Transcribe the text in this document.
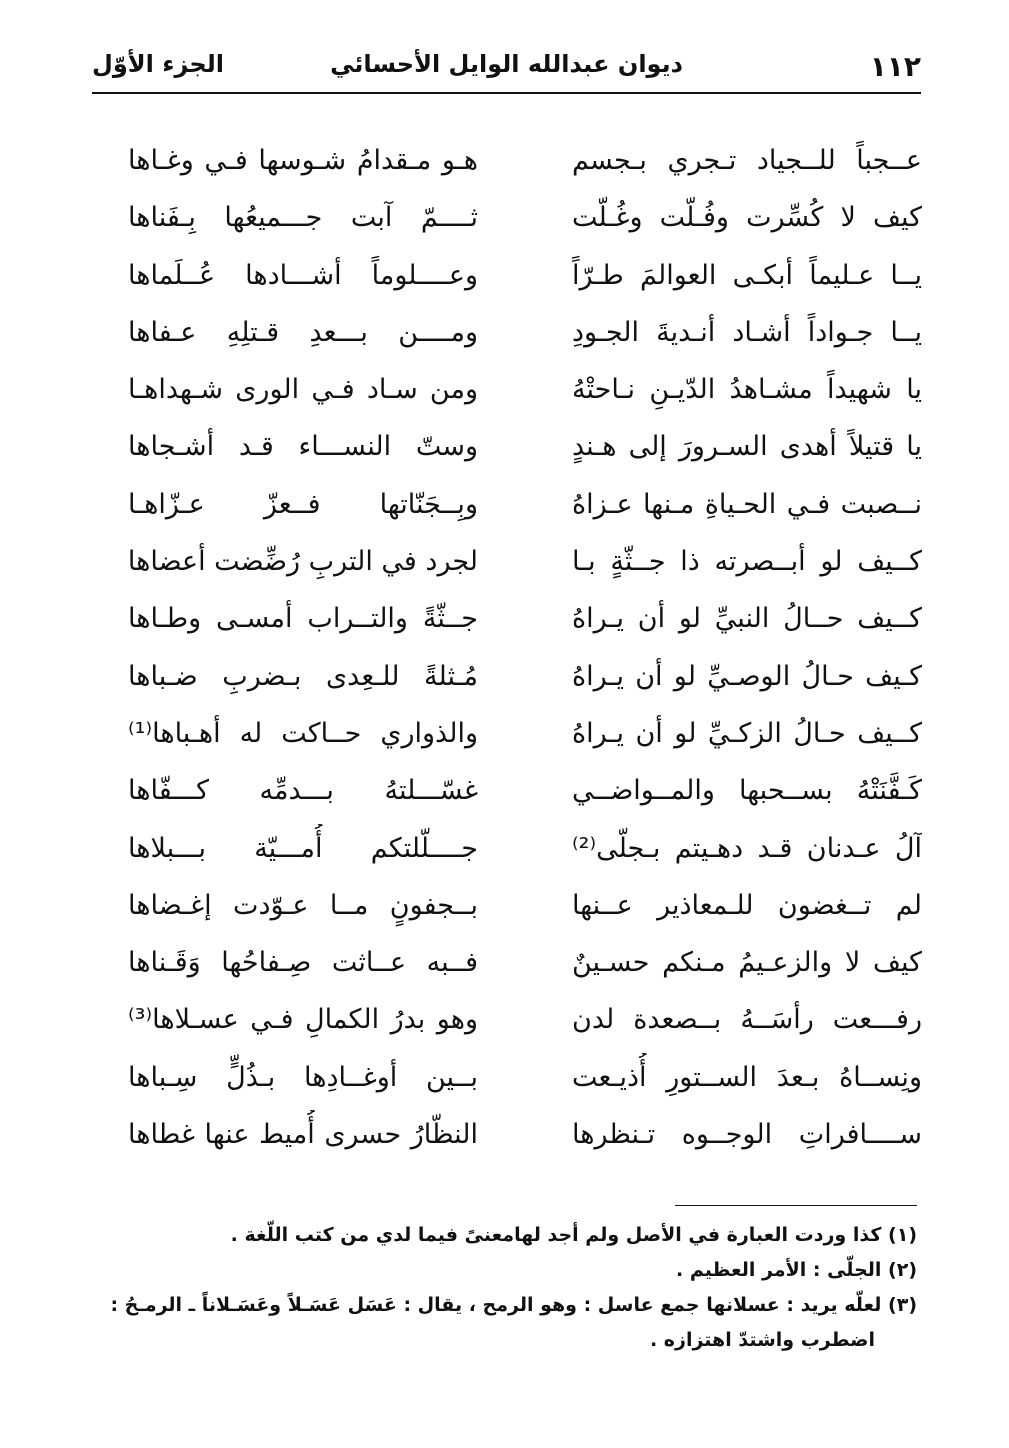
١١٢
ديوان عبدالله الوايل الأحسائي
الجزء الأوّل
عــجباً للــجياد تـجري بـجسم
هـو مـقدامُ شـوسها فـي وغـاها
كيف لا كُسِّرت وفُـلّت وغُـلّت
ثــــمّ آبت جـــميعُها بِـفَناها
يــا عـليماً أبكـى العوالمَ طـرّاً
وعــــلوماً أشـــادها عُــلَماها
يــا جـواداً أشـاد أنـديةَ الجـودِ
ومــــن بـــعدِ قـتلِهِ عـفاها
يا شهيداً مشـاهدُ الدّيـنِ نـاحتْهُ
ومن سـاد فـي الورى شـهداهـا
يا قتيلاً أهدى السـرورَ إلى هـندٍ
وستّ النســـاء قـد أشـجاها
نــصبت فـي الحـياةِ مـنها عـزاهُ
وبِــجَنّاتها فــعزّ عـزّاهـا
كــيف لو أبــصرته ذا جــثّةٍ بـا
لجرد في التربِ رُضِّضت أعضاها
كــيف حــالُ النبيِّ لو أن يـراهُ
جــثّةً والتــراب أمسـى وطـاها
كـيف حـالُ الوصـيِّ لو أن يـراهُ
مُـثلةً للـعِدى بـضربِ ضـباها
كــيف حـالُ الزكـيِّ لو أن يـراهُ
والذواري حــاكت له أهـباها⁽¹⁾
كَـفَّنَتْهُ بســحبها والمــواضــي
غسّـــلتهُ بـــدمِّه كـــفّاها
آلُ عـدنان قـد دهـيتم بـجلّى⁽²⁾
جــــلّلتكم أُمـــيّة بـــبلاها
لم تــغضون للـمعاذير عــنها
بــجفونٍ مــا عـوّدت إغـضاها
كيف لا والزعـيمُ مـنكم حسـينٌ
فــبه عــاثت صِـفاحُها وَقَـناها
رفـــعت رأسَــهُ بــصعدة لدن
وهو بدرُ الكمالِ فـي عسـلاها⁽³⁾
ونِســاهُ بـعدَ الســتورِ أُذيـعت
بــين أوغــادِها بـذُلٍّ سِـباها
ســــافراتِ الوجــوه تـنظرها
النظّارُ حسرى أُميط عنها غطاها

(١) كذا وردت العبارة في الأصل ولم أجد لهامعنىً فيما لدي من كتب اللّغة .

(٢) الجلّى : الأمر العظيم .

(٣) لعلّه يريد : عسلانها جمع عاسل : وهو الرمح ، يقال : عَسَل عَسَـلاً وعَسَـلاناً ـ الرمـحُ :

اضطرب واشتدّ اهتزازه .
